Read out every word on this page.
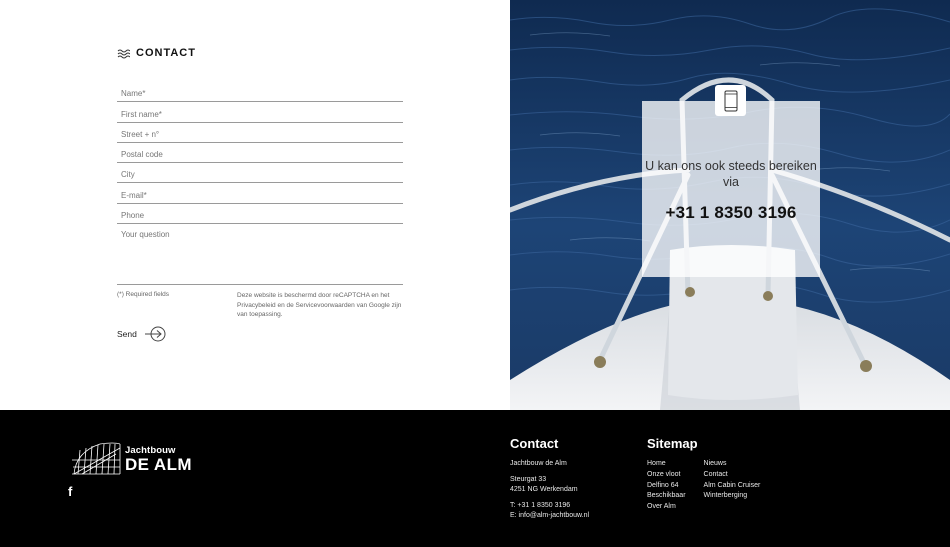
CONTACT
Name*
First name*
Street + n°
Postal code
City
E-mail*
Phone
Your question
(*) Required fields	Deze website is beschermd door reCAPTCHA en het Privacybeleid en de Servicevoorwaarden van Google zijn van toepassing.
Send
U kan ons ook steeds bereiken via
+31 1 8350 3196
Jachtbouw
DE ALM
f
Contact
Jachtbouw de Alm
Steurgat 33
4251 NG Werkendam
T: +31 1 8350 3196
E: info@alm-jachtbouw.nl
Sitemap
Home
Onze vloot
Delfino 64
Beschikbaar
Over Alm
Nieuws
Contact
Alm Cabin Cruiser
Winterberging
